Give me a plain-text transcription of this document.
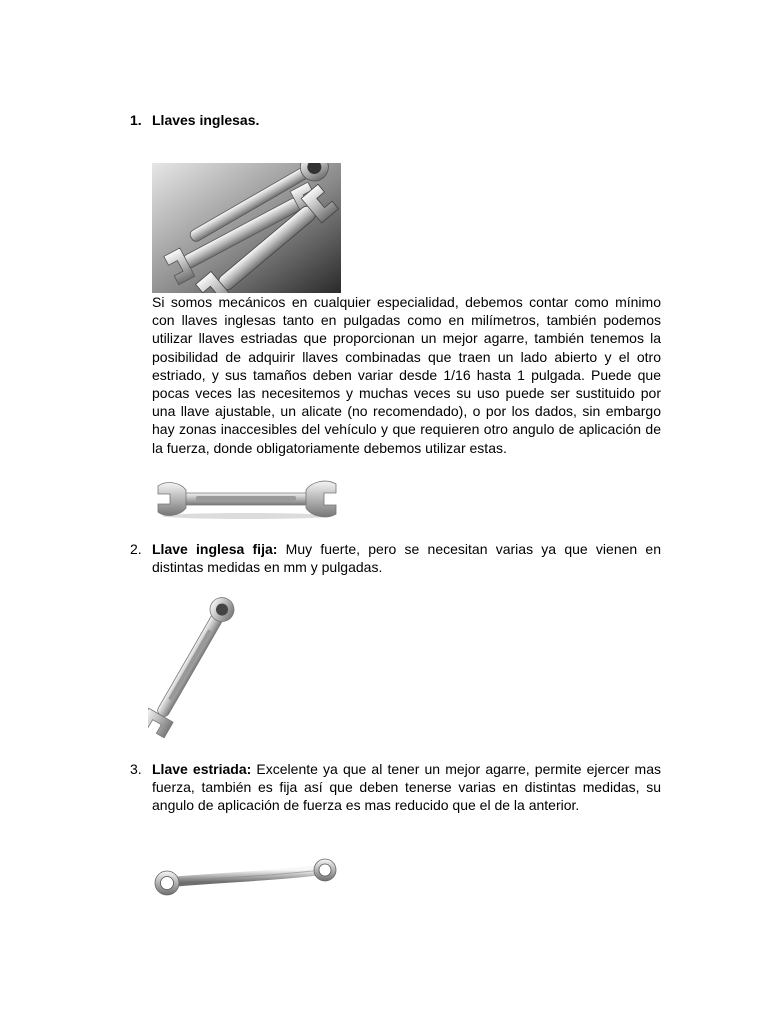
1. Llaves inglesas.

Si somos mecánicos en cualquier especialidad, debemos contar como mínimo con llaves inglesas tanto en pulgadas como en milímetros, también podemos utilizar llaves estriadas que proporcionan un mejor agarre, también tenemos la posibilidad de adquirir llaves combinadas que traen un lado abierto y el otro estriado, y sus tamaños deben variar desde 1/16 hasta 1 pulgada. Puede que pocas veces las necesitemos y muchas veces su uso puede ser sustituido por una llave ajustable, un alicate (no recomendado), o por los dados, sin embargo hay zonas inaccesibles del vehículo y que requieren otro angulo de aplicación de la fuerza, donde obligatoriamente debemos utilizar estas.

2. Llave inglesa fija: Muy fuerte, pero se necesitan varias ya que vienen en distintas medidas en mm y pulgadas.

3. Llave estriada: Excelente ya que al tener un mejor agarre, permite ejercer mas fuerza, también es fija así que deben tenerse varias en distintas medidas, su angulo de aplicación de fuerza es mas reducido que el de la anterior.
